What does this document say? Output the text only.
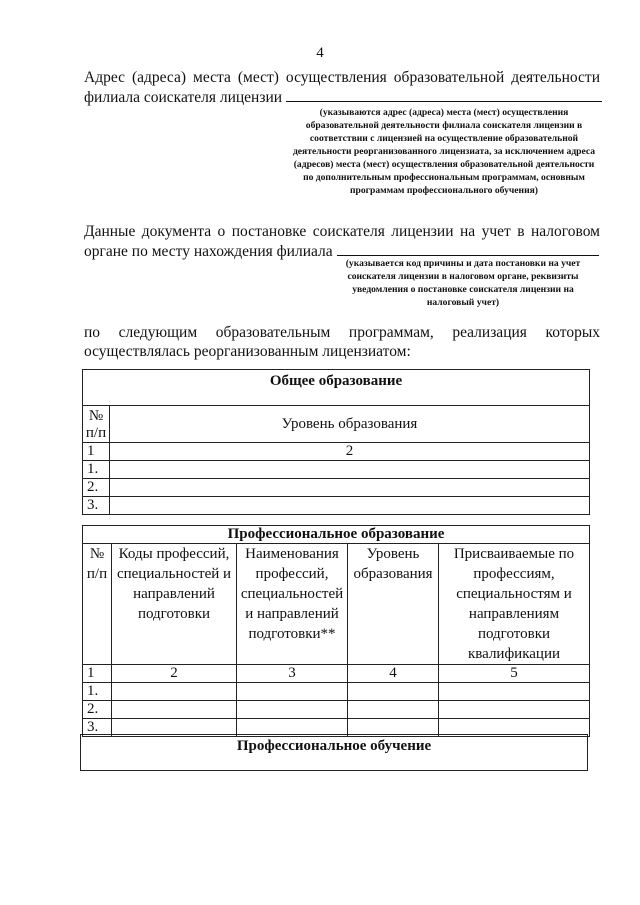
4
Адрес (адреса) места (мест) осуществления образовательной деятельности
филиала соискателя лицензии
(указываются адрес (адреса) места (мест) осуществления образовательной деятельности филиала соискателя лицензии в соответствии с лицензией на осуществление образовательной деятельности реорганизованного лицензиата, за исключением адреса (адресов) места (мест) осуществления образовательной деятельности по дополнительным профессиональным программам, основным программам профессионального обучения)
Данные документа о постановке соискателя лицензии на учет в налоговом
органе по месту нахождения филиала
(указывается код причины и дата постановки на учет соискателя лицензии в налоговом органе, реквизиты уведомления о постановке соискателя лицензии на налоговый учет)
по следующим образовательным программам, реализация которых
осуществлялась реорганизованным лицензиатом:
Общее образование	
№ п/п	Уровень образования
1	2
1.	
2.	
3.	
Профессиональное образование				
№ п/п	Коды профессий, специальностей и направлений подготовки	Наименования профессий, специальностей и направлений подготовки**	Уровень образования	Присваиваемые по профессиям, специальностям и направлениям подготовки квалификации
1	2	3	4	5
1.				
2.				
3.				
Профессиональное обучение
